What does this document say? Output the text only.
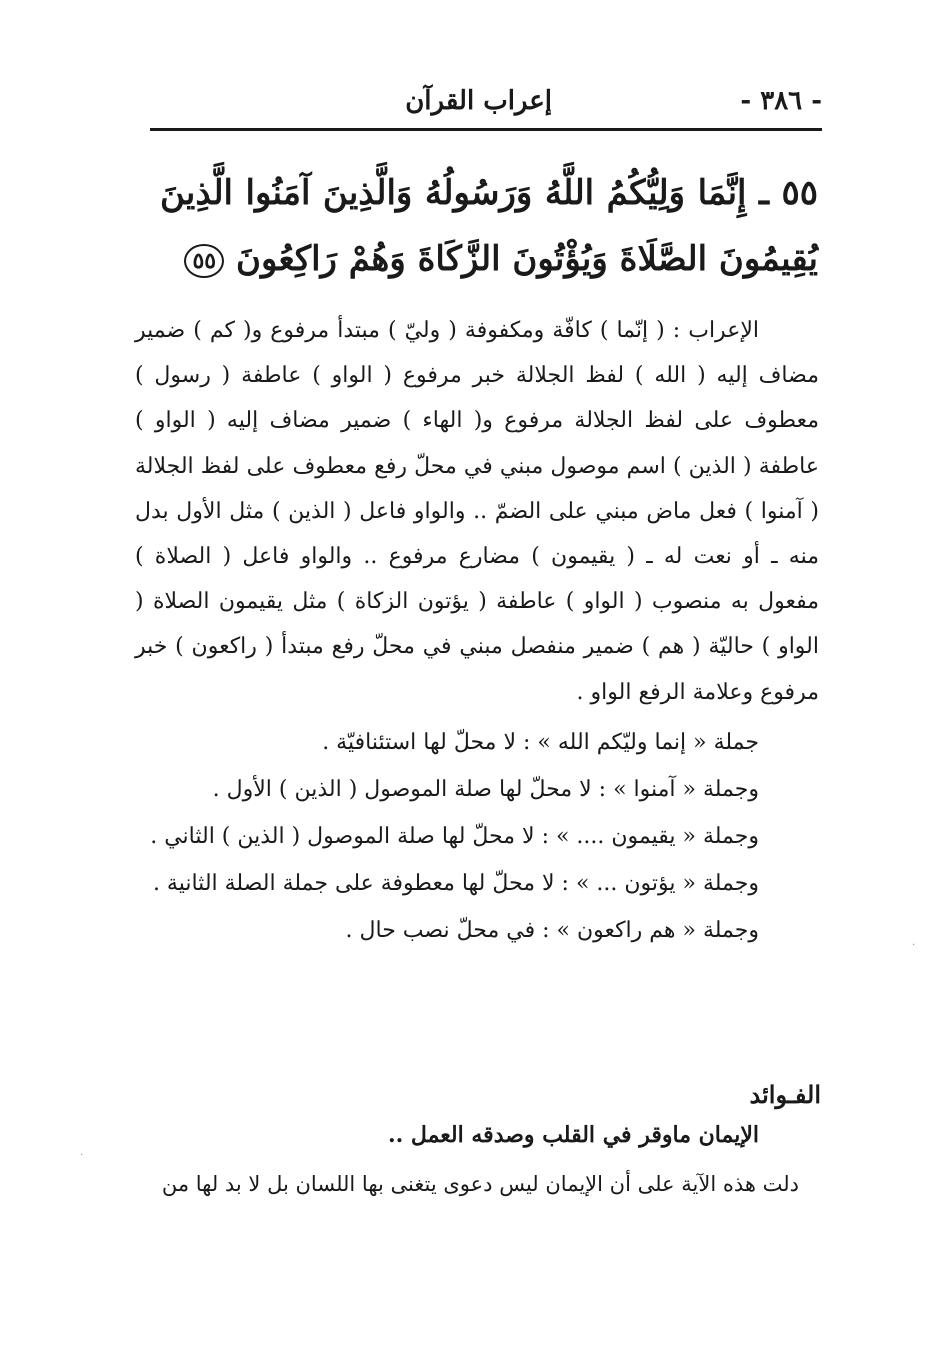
- ٣٨٦ -
إعراب القرآن
٥٥ ـ إِنَّمَا وَلِيُّكُمُ اللَّهُ وَرَسُولُهُ وَالَّذِينَ آمَنُوا الَّذِينَ يُقِيمُونَ الصَّلَاةَ وَيُؤْتُونَ الزَّكَاةَ وَهُمْ رَاكِعُونَ ٥٥

الإعراب : ( إنّما ) كافّة ومكفوفة ( وليّ ) مبتدأ مرفوع و( كم ) ضمير مضاف إليه ( الله ) لفظ الجلالة خبر مرفوع ( الواو ) عاطفة ( رسول ) معطوف على لفظ الجلالة مرفوع و( الهاء ) ضمير مضاف إليه ( الواو ) عاطفة ( الذين ) اسم موصول مبني في محلّ رفع معطوف على لفظ الجلالة ( آمنوا ) فعل ماض مبني على الضمّ .. والواو فاعل ( الذين ) مثل الأول بدل منه ـ أو نعت له ـ ( يقيمون ) مضارع مرفوع .. والواو فاعل ( الصلاة ) مفعول به منصوب ( الواو ) عاطفة ( يؤتون الزكاة ) مثل يقيمون الصلاة ( الواو ) حاليّة ( هم ) ضمير منفصل مبني في محلّ رفع مبتدأ ( راكعون ) خبر مرفوع وعلامة الرفع الواو .

جملة « إنما وليّكم الله » : لا محلّ لها استئنافيّة .

وجملة « آمنوا » : لا محلّ لها صلة الموصول ( الذين ) الأول .

وجملة « يقيمون .... » : لا محلّ لها صلة الموصول ( الذين ) الثاني .

وجملة « يؤتون ... » : لا محلّ لها معطوفة على جملة الصلة الثانية .

وجملة « هم راكعون » : في محلّ نصب حال .

الفـوائد
الإيمان ماوقر في القلب وصدقه العمل ..
دلت هذه الآية على أن الإيمان ليس دعوى يتغنى بها اللسان بل لا بد لها من
·
·
